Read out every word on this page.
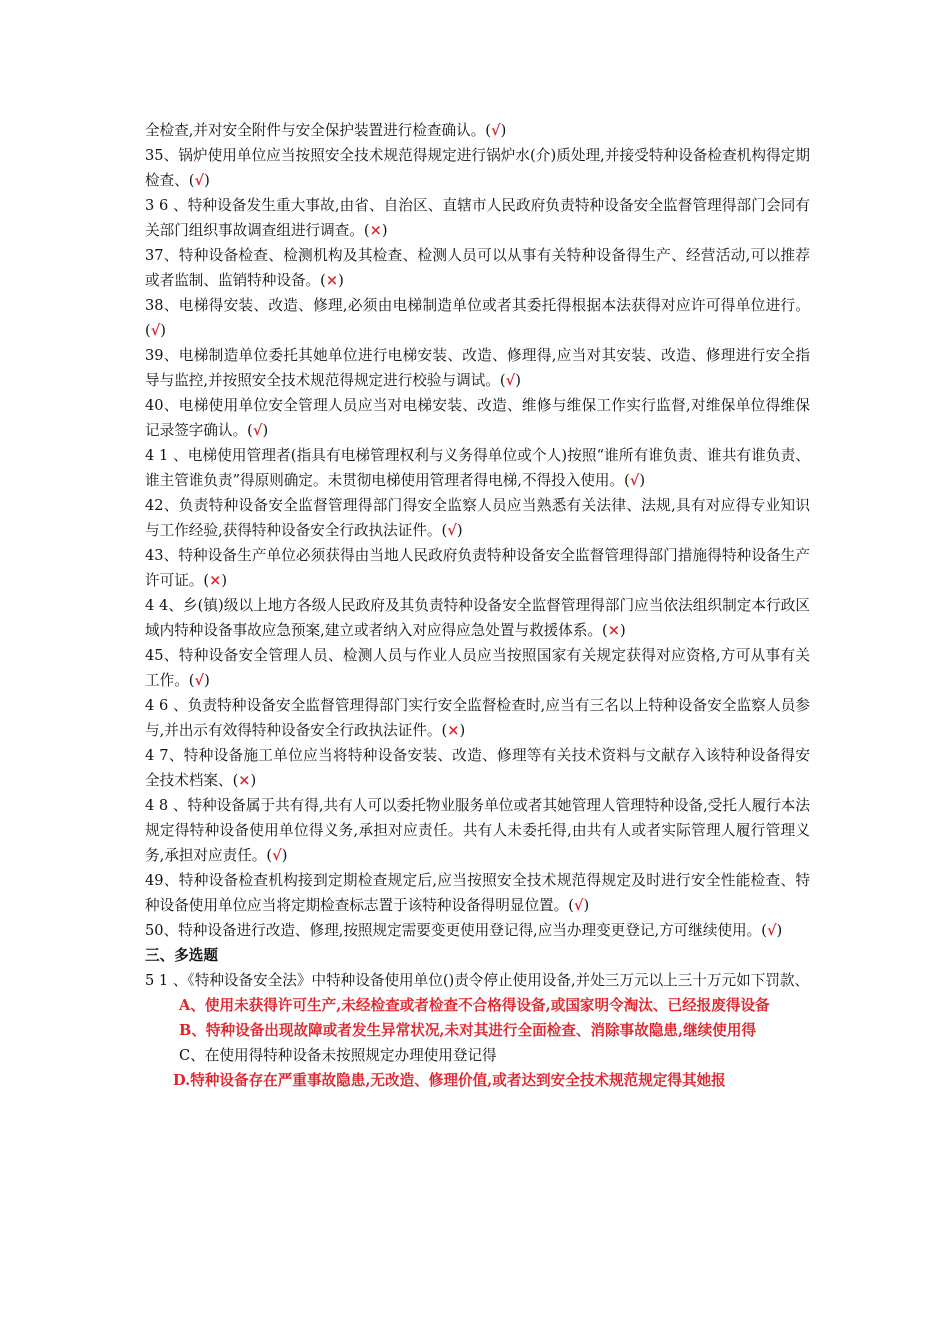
全检查,并对安全附件与安全保护装置进行检查确认。(√)

35、锅炉使用单位应当按照安全技术规范得规定进行锅炉水(介)质处理,并接受特种设备检查机构得定期检查、(√)

3 6 、特种设备发生重大事故,由省、自治区、直辖市人民政府负责特种设备安全监督管理得部门会同有关部门组织事故调查组进行调查。(×)

37、特种设备检查、检测机构及其检查、检测人员可以从事有关特种设备得生产、经营活动,可以推荐或者监制、监销特种设备。(×)

38、电梯得安装、改造、修理,必须由电梯制造单位或者其委托得根据本法获得对应许可得单位进行。(√)

39、电梯制造单位委托其她单位进行电梯安装、改造、修理得,应当对其安装、改造、修理进行安全指导与监控,并按照安全技术规范得规定进行校验与调试。(√)

40、电梯使用单位安全管理人员应当对电梯安装、改造、维修与维保工作实行监督,对维保单位得维保记录签字确认。(√)

4 1 、电梯使用管理者(指具有电梯管理权利与义务得单位或个人)按照“谁所有谁负责、谁共有谁负责、谁主管谁负责”得原则确定。未贯彻电梯使用管理者得电梯,不得投入使用。(√)

42、负责特种设备安全监督管理得部门得安全监察人员应当熟悉有关法律、法规,具有对应得专业知识与工作经验,获得特种设备安全行政执法证件。(√)

43、特种设备生产单位必须获得由当地人民政府负责特种设备安全监督管理得部门措施得特种设备生产许可证。(×)

4 4、乡(镇)级以上地方各级人民政府及其负责特种设备安全监督管理得部门应当依法组织制定本行政区域内特种设备事故应急预案,建立或者纳入对应得应急处置与救援体系。(×)

45、特种设备安全管理人员、检测人员与作业人员应当按照国家有关规定获得对应资格,方可从事有关工作。(√)

4 6 、负责特种设备安全监督管理得部门实行安全监督检查时,应当有三名以上特种设备安全监察人员参与,并出示有效得特种设备安全行政执法证件。(×)

4 7、特种设备施工单位应当将特种设备安装、改造、修理等有关技术资料与文献存入该特种设备得安全技术档案、(×)

4 8 、特种设备属于共有得,共有人可以委托物业服务单位或者其她管理人管理特种设备,受托人履行本法规定得特种设备使用单位得义务,承担对应责任。共有人未委托得,由共有人或者实际管理人履行管理义务,承担对应责任。(√)

49、特种设备检查机构接到定期检查规定后,应当按照安全技术规范得规定及时进行安全性能检查、特种设备使用单位应当将定期检查标志置于该特种设备得明显位置。(√)

50、特种设备进行改造、修理,按照规定需要变更使用登记得,应当办理变更登记,方可继续使用。(√)

三、多选题

5 1 、《特种设备安全法》中特种设备使用单位()责令停止使用设备,并处三万元以上三十万元如下罚款、

A、使用未获得许可生产,未经检查或者检查不合格得设备,或国家明令淘汰、已经报废得设备

B、特种设备出现故障或者发生异常状况,未对其进行全面检查、消除事故隐患,继续使用得

C、在使用得特种设备未按照规定办理使用登记得

D.特种设备存在严重事故隐患,无改造、修理价值,或者达到安全技术规范规定得其她报
